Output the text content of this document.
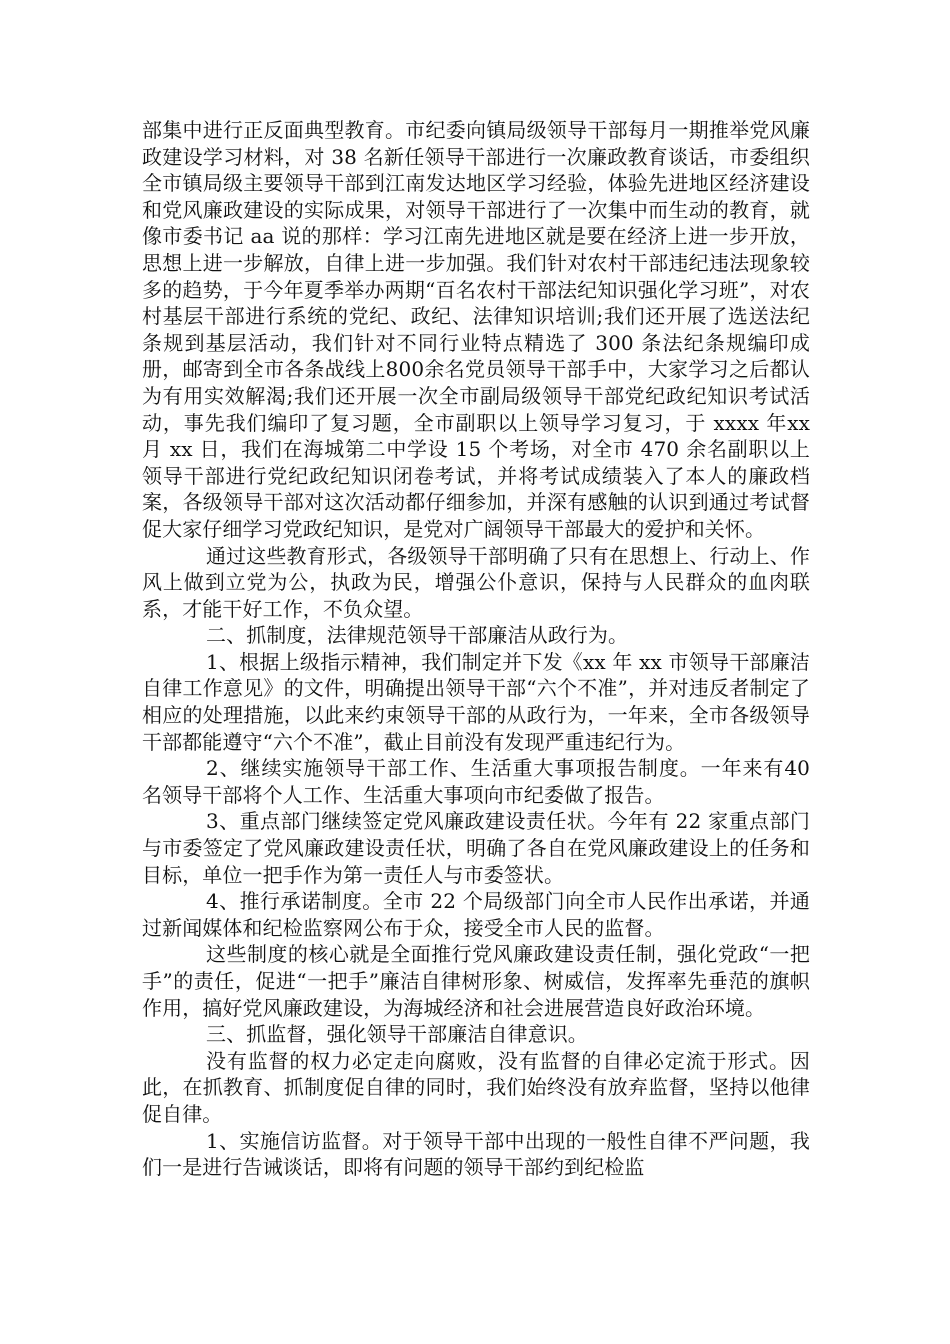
部集中进行正反面典型教育。市纪委向镇局级领导干部每月一期推举党风廉政建设学习材料，对 38 名新任领导干部进行一次廉政教育谈话，市委组织全市镇局级主要领导干部到江南发达地区学习经验，体验先进地区经济建设和党风廉政建设的实际成果，对领导干部进行了一次集中而生动的教育，就像市委书记 aa 说的那样：学习江南先进地区就是要在经济上进一步开放，思想上进一步解放，自律上进一步加强。我们针对农村干部违纪违法现象较多的趋势，于今年夏季举办两期“百名农村干部法纪知识强化学习班”，对农村基层干部进行系统的党纪、政纪、法律知识培训;我们还开展了选送法纪条规到基层活动，我们针对不同行业特点精选了 300 条法纪条规编印成册，邮寄到全市各条战线上800余名党员领导干部手中，大家学习之后都认为有用实效解渴;我们还开展一次全市副局级领导干部党纪政纪知识考试活动，事先我们编印了复习题，全市副职以上领导学习复习，于 xxxx 年xx 月 xx 日，我们在海城第二中学设 15 个考场，对全市 470 余名副职以上领导干部进行党纪政纪知识闭卷考试，并将考试成绩装入了本人的廉政档案，各级领导干部对这次活动都仔细参加，并深有感触的认识到通过考试督促大家仔细学习党政纪知识，是党对广阔领导干部最大的爱护和关怀。

通过这些教育形式，各级领导干部明确了只有在思想上、行动上、作风上做到立党为公，执政为民，增强公仆意识，保持与人民群众的血肉联系，才能干好工作，不负众望。

二、抓制度，法律规范领导干部廉洁从政行为。

1、根据上级指示精神，我们制定并下发《xx 年 xx 市领导干部廉洁自律工作意见》的文件，明确提出领导干部“六个不准”，并对违反者制定了相应的处理措施，以此来约束领导干部的从政行为，一年来，全市各级领导干部都能遵守“六个不准”，截止目前没有发现严重违纪行为。

2、继续实施领导干部工作、生活重大事项报告制度。一年来有40 名领导干部将个人工作、生活重大事项向市纪委做了报告。

3、重点部门继续签定党风廉政建设责任状。今年有 22 家重点部门与市委签定了党风廉政建设责任状，明确了各自在党风廉政建设上的任务和目标，单位一把手作为第一责任人与市委签状。

4、推行承诺制度。全市 22 个局级部门向全市人民作出承诺，并通过新闻媒体和纪检监察网公布于众，接受全市人民的监督。

这些制度的核心就是全面推行党风廉政建设责任制，强化党政“一把手”的责任，促进“一把手”廉洁自律树形象、树威信，发挥率先垂范的旗帜作用，搞好党风廉政建设，为海城经济和社会进展营造良好政治环境。

三、抓监督，强化领导干部廉洁自律意识。

没有监督的权力必定走向腐败，没有监督的自律必定流于形式。因此，在抓教育、抓制度促自律的同时，我们始终没有放弃监督，坚持以他律促自律。

1、实施信访监督。对于领导干部中出现的一般性自律不严问题，我们一是进行告诫谈话，即将有问题的领导干部约到纪检监
